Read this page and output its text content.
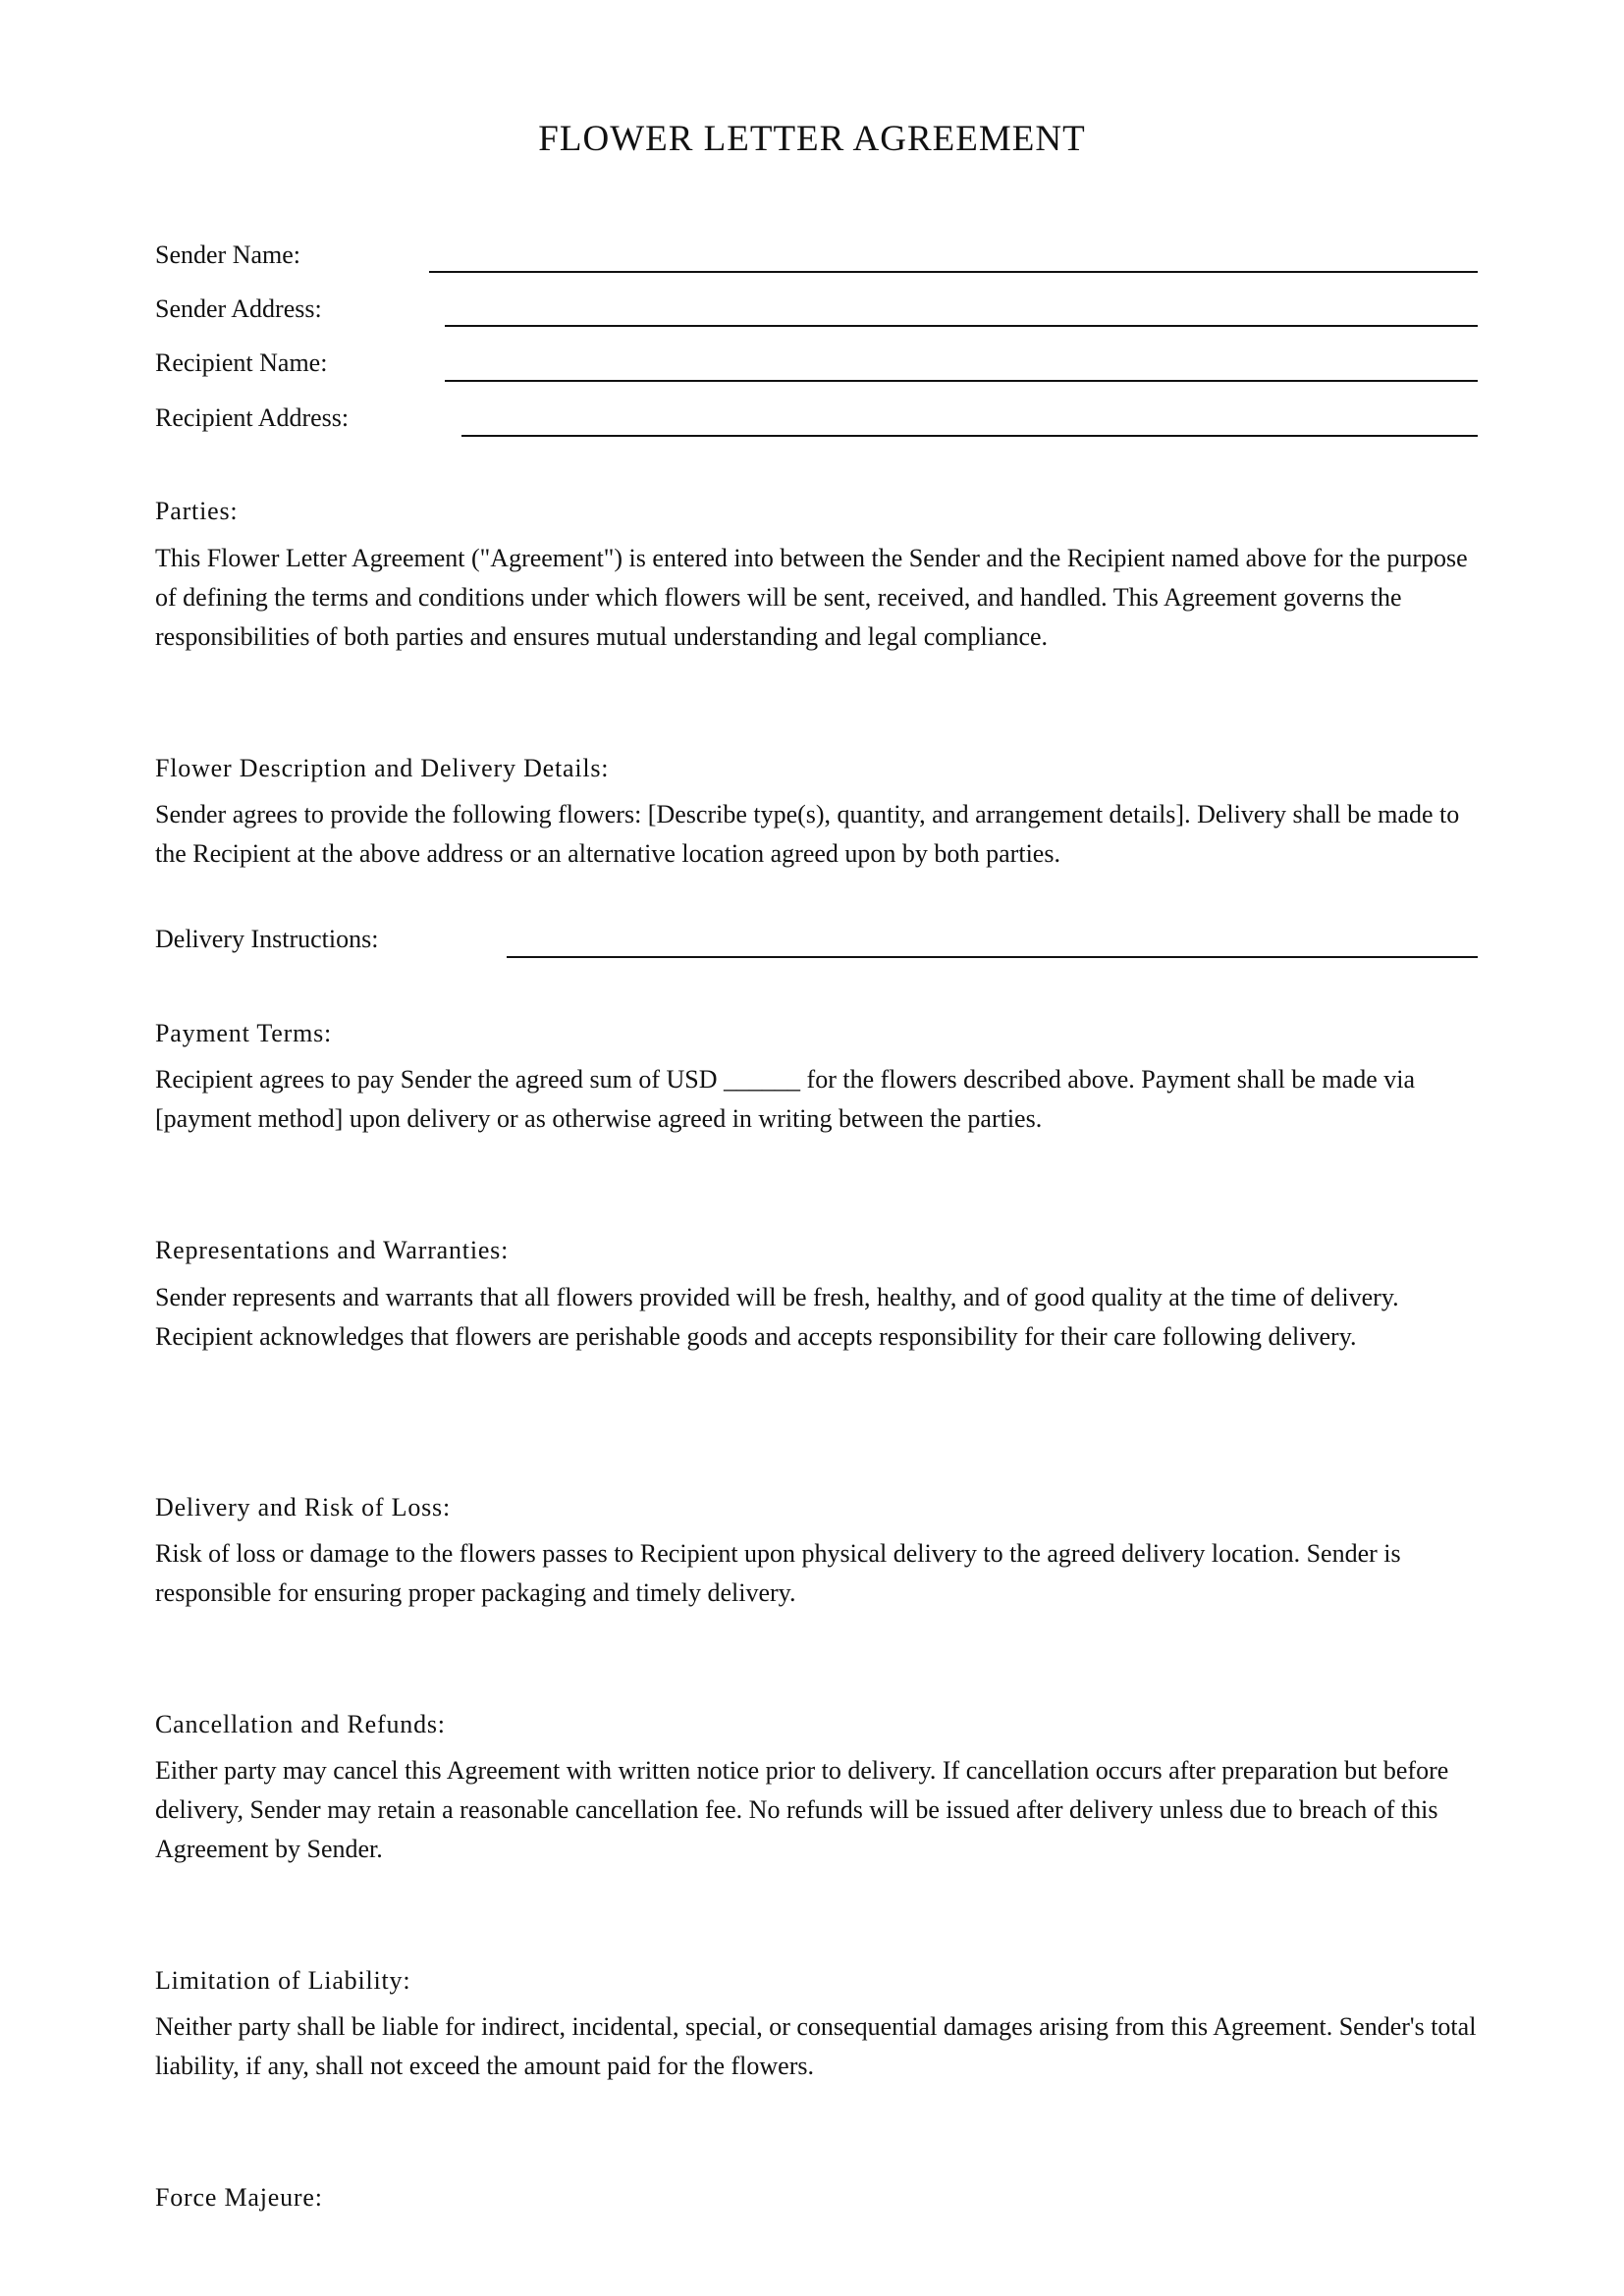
FLOWER LETTER AGREEMENT
Sender Name:
Sender Address:
Recipient Name:
Recipient Address:
Parties:

This Flower Letter Agreement ("Agreement") is entered into between the Sender and the Recipient named above for the purpose of defining the terms and conditions under which flowers will be sent, received, and handled. This Agreement governs the responsibilities of both parties and ensures mutual understanding and legal compliance.

Flower Description and Delivery Details:

Sender agrees to provide the following flowers: [Describe type(s), quantity, and arrangement details]. Delivery shall be made to the Recipient at the above address or an alternative location agreed upon by both parties.

Delivery Instructions:
Payment Terms:

Recipient agrees to pay Sender the agreed sum of USD ______ for the flowers described above. Payment shall be made via [payment method] upon delivery or as otherwise agreed in writing between the parties.

Representations and Warranties:

Sender represents and warrants that all flowers provided will be fresh, healthy, and of good quality at the time of delivery. Recipient acknowledges that flowers are perishable goods and accepts responsibility for their care following delivery.

Delivery and Risk of Loss:

Risk of loss or damage to the flowers passes to Recipient upon physical delivery to the agreed delivery location. Sender is responsible for ensuring proper packaging and timely delivery.

Cancellation and Refunds:

Either party may cancel this Agreement with written notice prior to delivery. If cancellation occurs after preparation but before delivery, Sender may retain a reasonable cancellation fee. No refunds will be issued after delivery unless due to breach of this Agreement by Sender.

Limitation of Liability:

Neither party shall be liable for indirect, incidental, special, or consequential damages arising from this Agreement. Sender's total liability, if any, shall not exceed the amount paid for the flowers.

Force Majeure:
